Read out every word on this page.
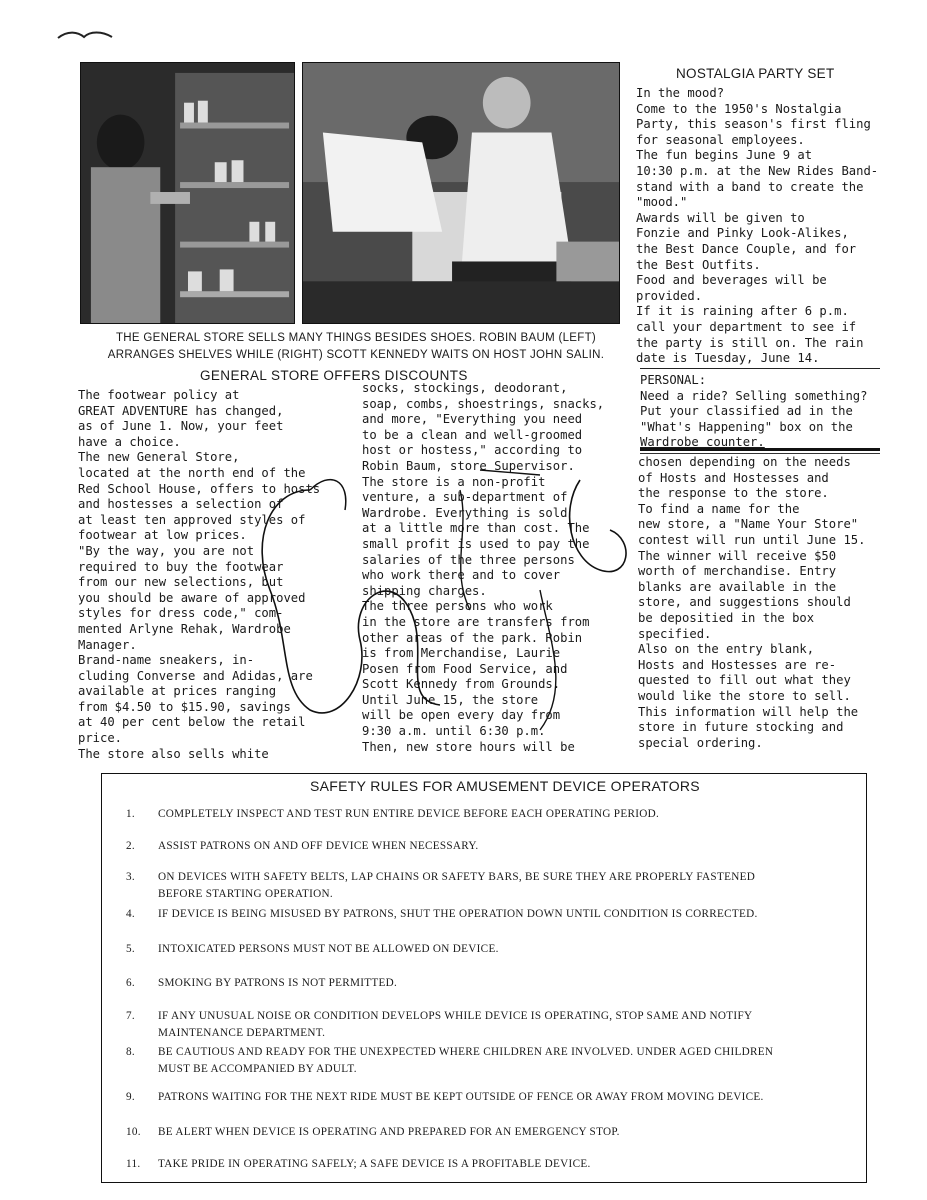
THE GENERAL STORE SELLS MANY THINGS BESIDES SHOES. ROBIN BAUM (LEFT)
ARRANGES SHELVES WHILE (RIGHT) SCOTT KENNEDY WAITS ON HOST JOHN SALIN.
GENERAL STORE OFFERS DISCOUNTS
The footwear policy at
GREAT ADVENTURE has changed,
as of June 1. Now, your feet
have a choice.
The new General Store,
located at the north end of the
Red School House, offers to hosts
and hostesses a selection of
at least ten approved styles of
footwear at low prices.
"By the way, you are not
required to buy the footwear
from our new selections, but
you should be aware of approved
styles for dress code," com-
mented Arlyne Rehak, Wardrobe
Manager.
Brand-name sneakers, in-
cluding Converse and Adidas, are
available at prices ranging
from $4.50 to $15.90, savings
at 40 per cent below the retail
price.
The store also sells white
socks, stockings, deodorant,
soap, combs, shoestrings, snacks,
and more, "Everything you need
to be a clean and well-groomed
host or hostess," according to
Robin Baum, store Supervisor.
The store is a non-profit
venture, a sub-department of
Wardrobe. Everything is sold
at a little more than cost. The
small profit is used to pay the
salaries of the three persons
who work there and to cover
shipping charges.
The three persons who work
in the store are transfers from
other areas of the park. Robin
is from Merchandise, Laurie
Posen from Food Service, and
Scott Kennedy from Grounds.
Until June 15, the store
will be open every day from
9:30 a.m. until 6:30 p.m.
Then, new store hours will be
chosen depending on the needs
of Hosts and Hostesses and
the response to the store.
To find a name for the
new store, a "Name Your Store"
contest will run until June 15.
The winner will receive $50
worth of merchandise. Entry
blanks are available in the
store, and suggestions should
be depositied in the box
specified.
Also on the entry blank,
Hosts and Hostesses are re-
quested to fill out what they
would like the store to sell.
This information will help the
store in future stocking and
special ordering.
NOSTALGIA PARTY SET
In the mood?
Come to the 1950's Nostalgia
Party, this season's first fling
for seasonal employees.
The fun begins June 9 at
10:30 p.m. at the New Rides Band-
stand with a band to create the
"mood."
Awards will be given to
Fonzie and Pinky Look-Alikes,
the Best Dance Couple, and for
the Best Outfits.
Food and beverages will be
provided.
If it is raining after 6 p.m.
call your department to see if
the party is still on. The rain
date is Tuesday, June 14.
PERSONAL:
Need a ride? Selling something?
Put your classified ad in the
"What's Happening" box on the
Wardrobe counter.
SAFETY RULES FOR AMUSEMENT DEVICE OPERATORS
1.	COMPLETELY INSPECT AND TEST RUN ENTIRE DEVICE BEFORE EACH OPERATING PERIOD.
2.	ASSIST PATRONS ON AND OFF DEVICE WHEN NECESSARY.
3.	ON DEVICES WITH SAFETY BELTS, LAP CHAINS OR SAFETY BARS, BE SURE THEY ARE PROPERLY FASTENED
BEFORE STARTING OPERATION.
4.	IF DEVICE IS BEING MISUSED BY PATRONS, SHUT THE OPERATION DOWN UNTIL CONDITION IS CORRECTED.
5.	INTOXICATED PERSONS MUST NOT BE ALLOWED ON DEVICE.
6.	SMOKING BY PATRONS IS NOT PERMITTED.
7.	IF ANY UNUSUAL NOISE OR CONDITION DEVELOPS WHILE DEVICE IS OPERATING, STOP SAME AND NOTIFY
MAINTENANCE DEPARTMENT.
8.	BE CAUTIOUS AND READY FOR THE UNEXPECTED WHERE CHILDREN ARE INVOLVED. UNDER AGED CHILDREN
MUST BE ACCOMPANIED BY ADULT.
9.	PATRONS WAITING FOR THE NEXT RIDE MUST BE KEPT OUTSIDE OF FENCE OR AWAY FROM MOVING DEVICE.
10.	BE ALERT WHEN DEVICE IS OPERATING AND PREPARED FOR AN EMERGENCY STOP.
11.	TAKE PRIDE IN OPERATING SAFELY; A SAFE DEVICE IS A PROFITABLE DEVICE.
